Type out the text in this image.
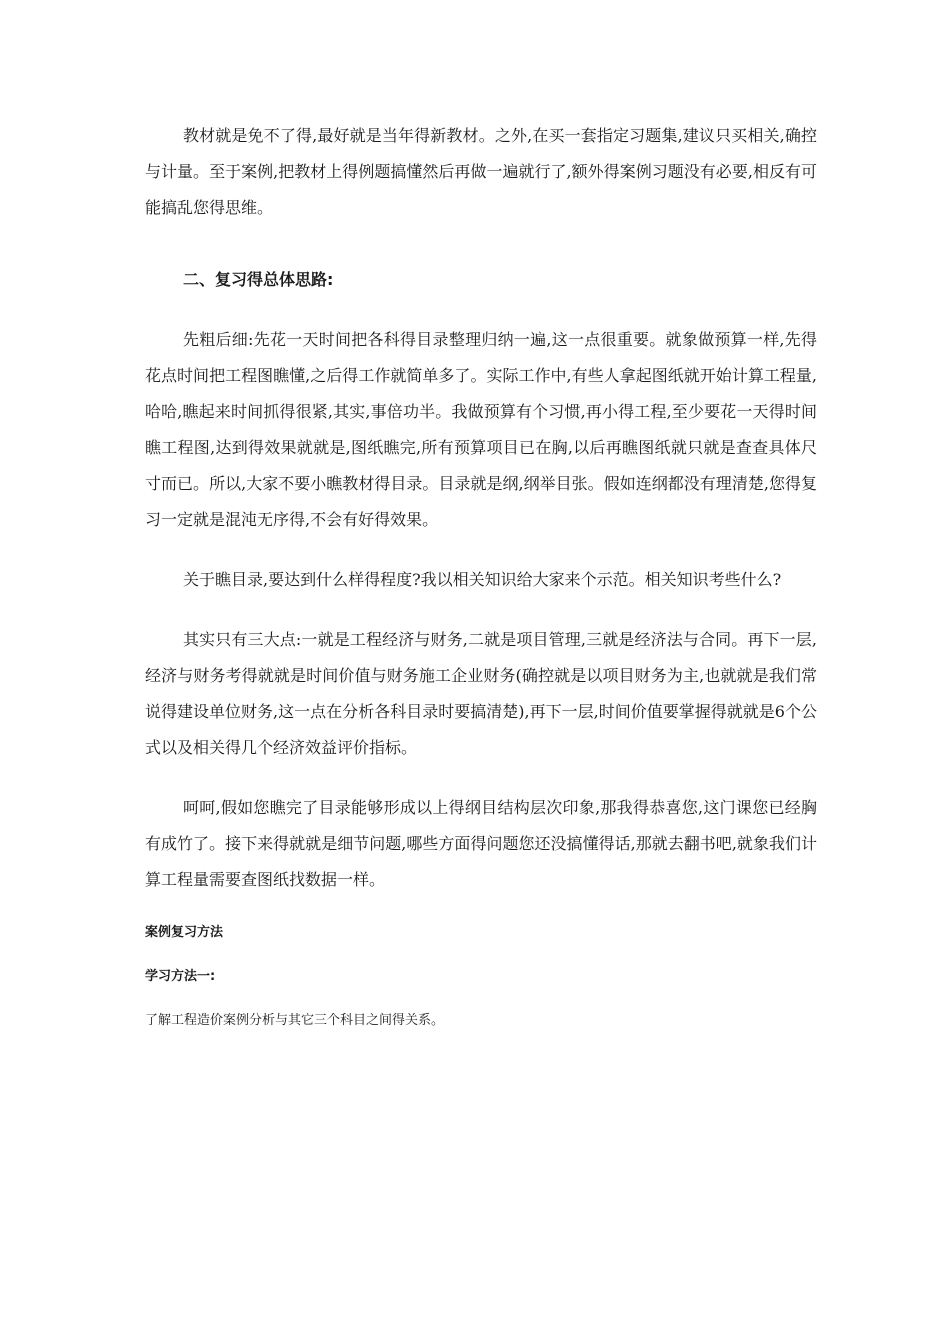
教材就是免不了得,最好就是当年得新教材。之外,在买一套指定习题集,建议只买相关,确控与计量。至于案例,把教材上得例题搞懂然后再做一遍就行了,额外得案例习题没有必要,相反有可能搞乱您得思维。

二、复习得总体思路:

先粗后细:先花一天时间把各科得目录整理归纳一遍,这一点很重要。就象做预算一样,先得花点时间把工程图瞧懂,之后得工作就简单多了。实际工作中,有些人拿起图纸就开始计算工程量,哈哈,瞧起来时间抓得很紧,其实,事倍功半。我做预算有个习惯,再小得工程,至少要花一天得时间瞧工程图,达到得效果就就是,图纸瞧完,所有预算项目已在胸,以后再瞧图纸就只就是查查具体尺寸而已。所以,大家不要小瞧教材得目录。目录就是纲,纲举目张。假如连纲都没有理清楚,您得复习一定就是混沌无序得,不会有好得效果。

关于瞧目录,要达到什么样得程度?我以相关知识给大家来个示范。相关知识考些什么?

其实只有三大点:一就是工程经济与财务,二就是项目管理,三就是经济法与合同。再下一层,经济与财务考得就就是时间价值与财务施工企业财务(确控就是以项目财务为主,也就就是我们常说得建设单位财务,这一点在分析各科目录时要搞清楚),再下一层,时间价值要掌握得就就是6个公式以及相关得几个经济效益评价指标。

呵呵,假如您瞧完了目录能够形成以上得纲目结构层次印象,那我得恭喜您,这门课您已经胸有成竹了。接下来得就就是细节问题,哪些方面得问题您还没搞懂得话,那就去翻书吧,就象我们计算工程量需要查图纸找数据一样。

案例复习方法

学习方法一:

了解工程造价案例分析与其它三个科目之间得关系。
